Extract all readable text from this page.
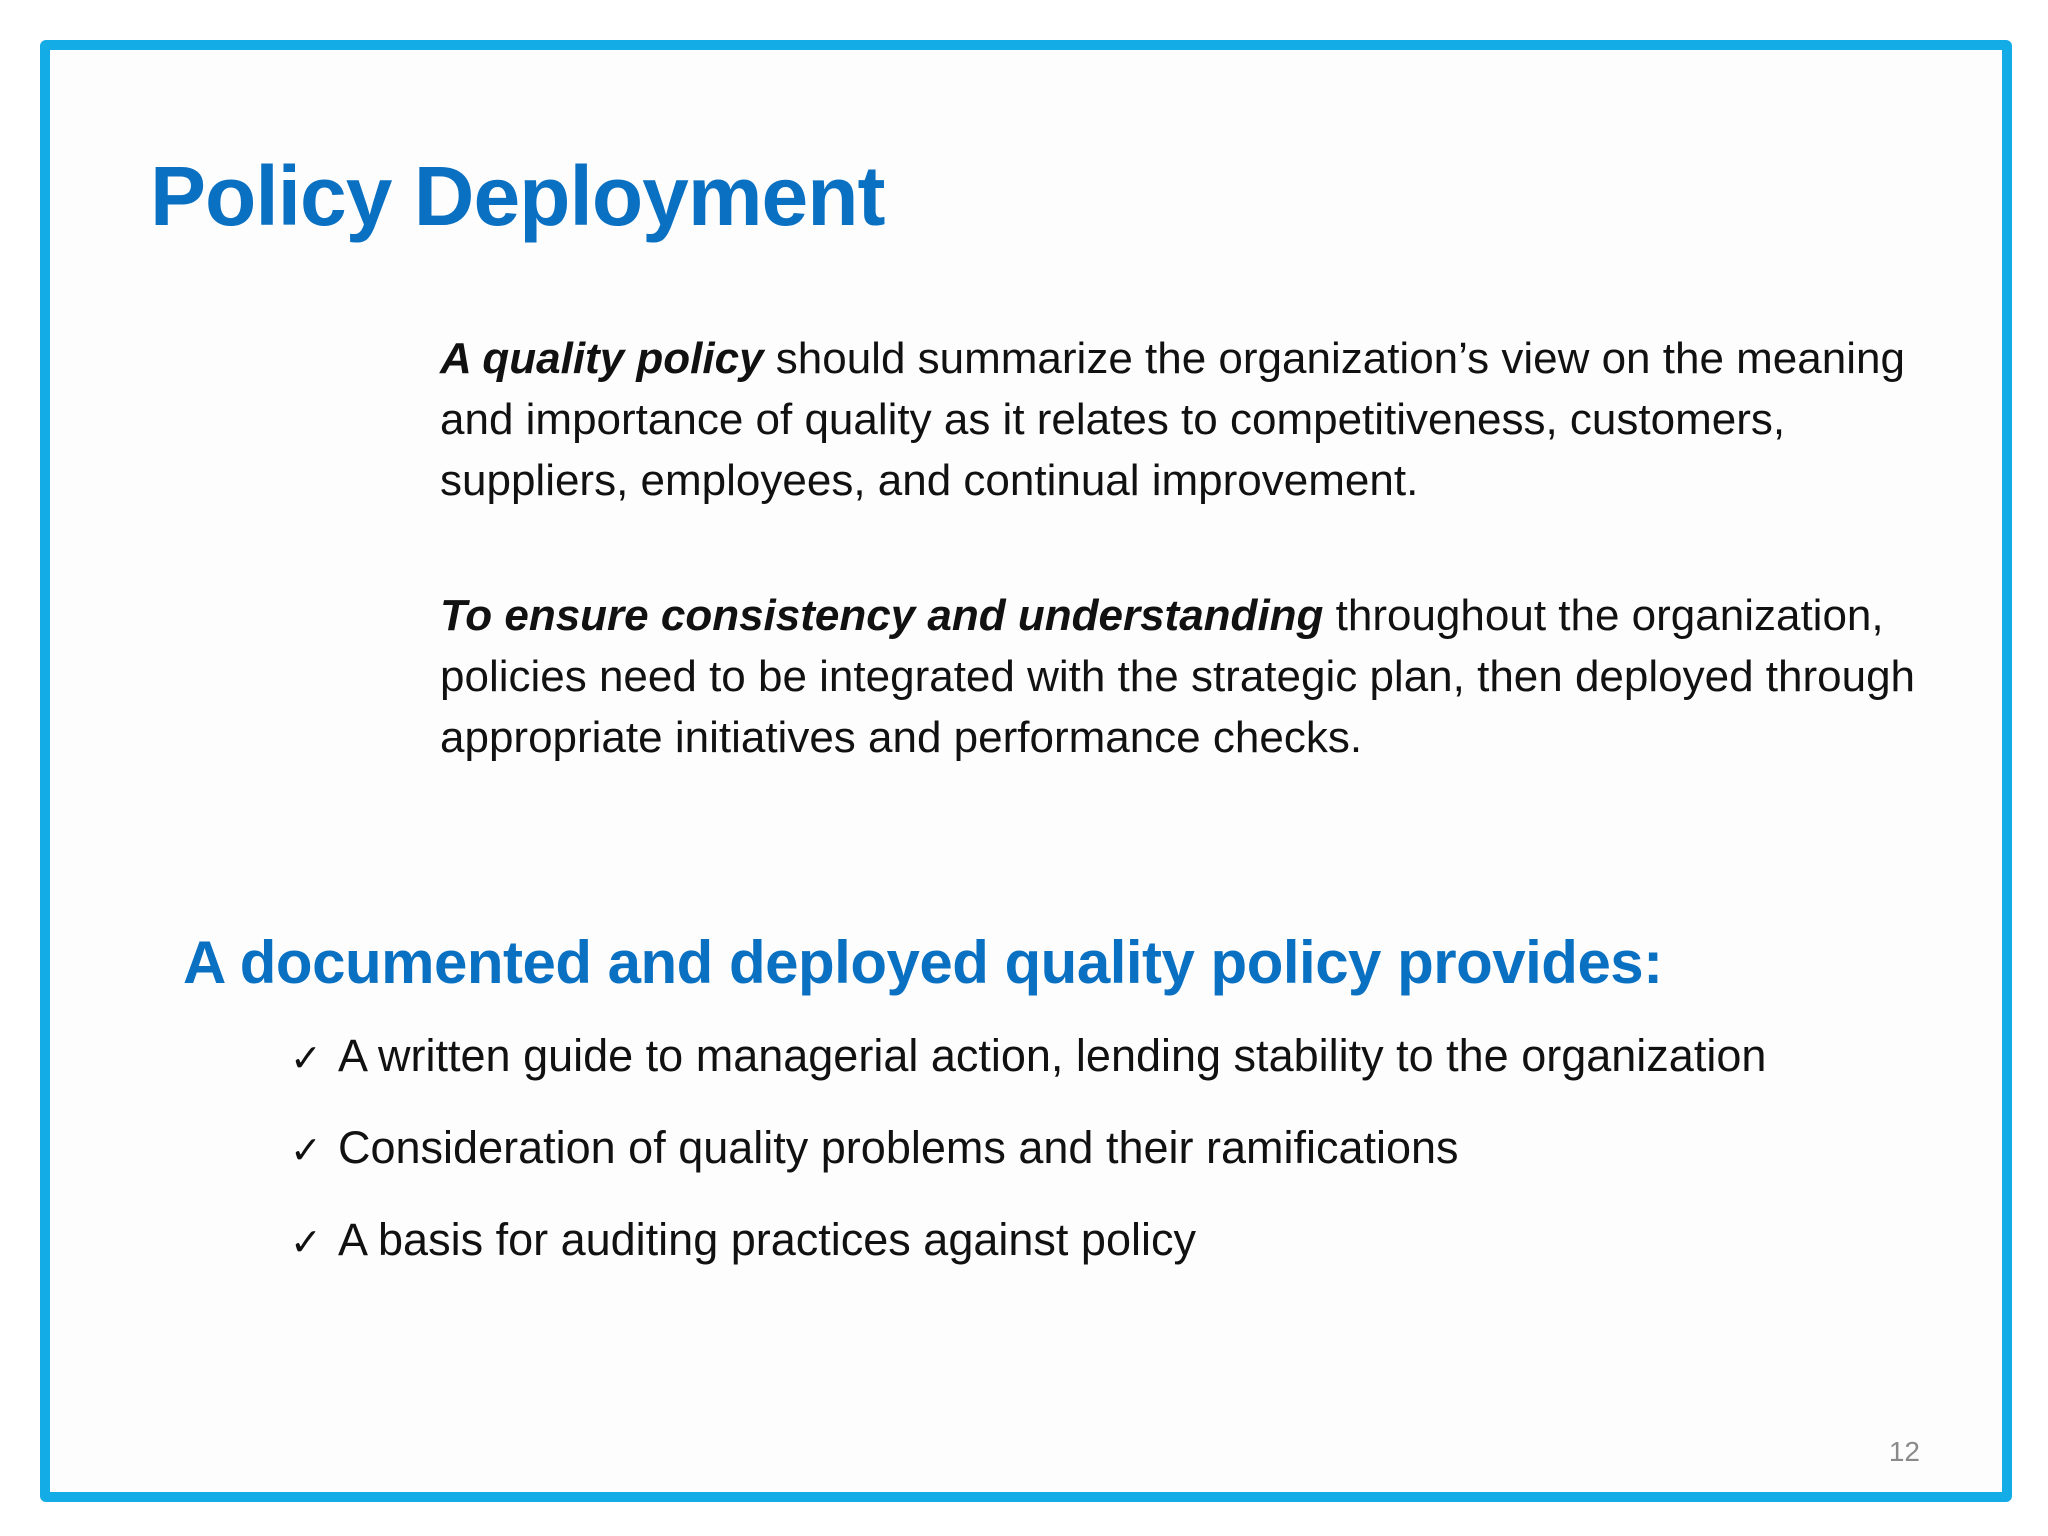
Policy Deployment

A quality policy should summarize the organization’s view on the meaning and importance of quality as it relates to competitiveness, customers, suppliers, employees, and continual improvement.

To ensure consistency and understanding throughout the organization, policies need to be integrated with the strategic plan, then deployed through appropriate initiatives and performance checks.

A documented and deployed quality policy provides:
✓ A written guide to managerial action, lending stability to the organization
✓ Consideration of quality problems and their ramifications
✓ A basis for auditing practices against policy
12
